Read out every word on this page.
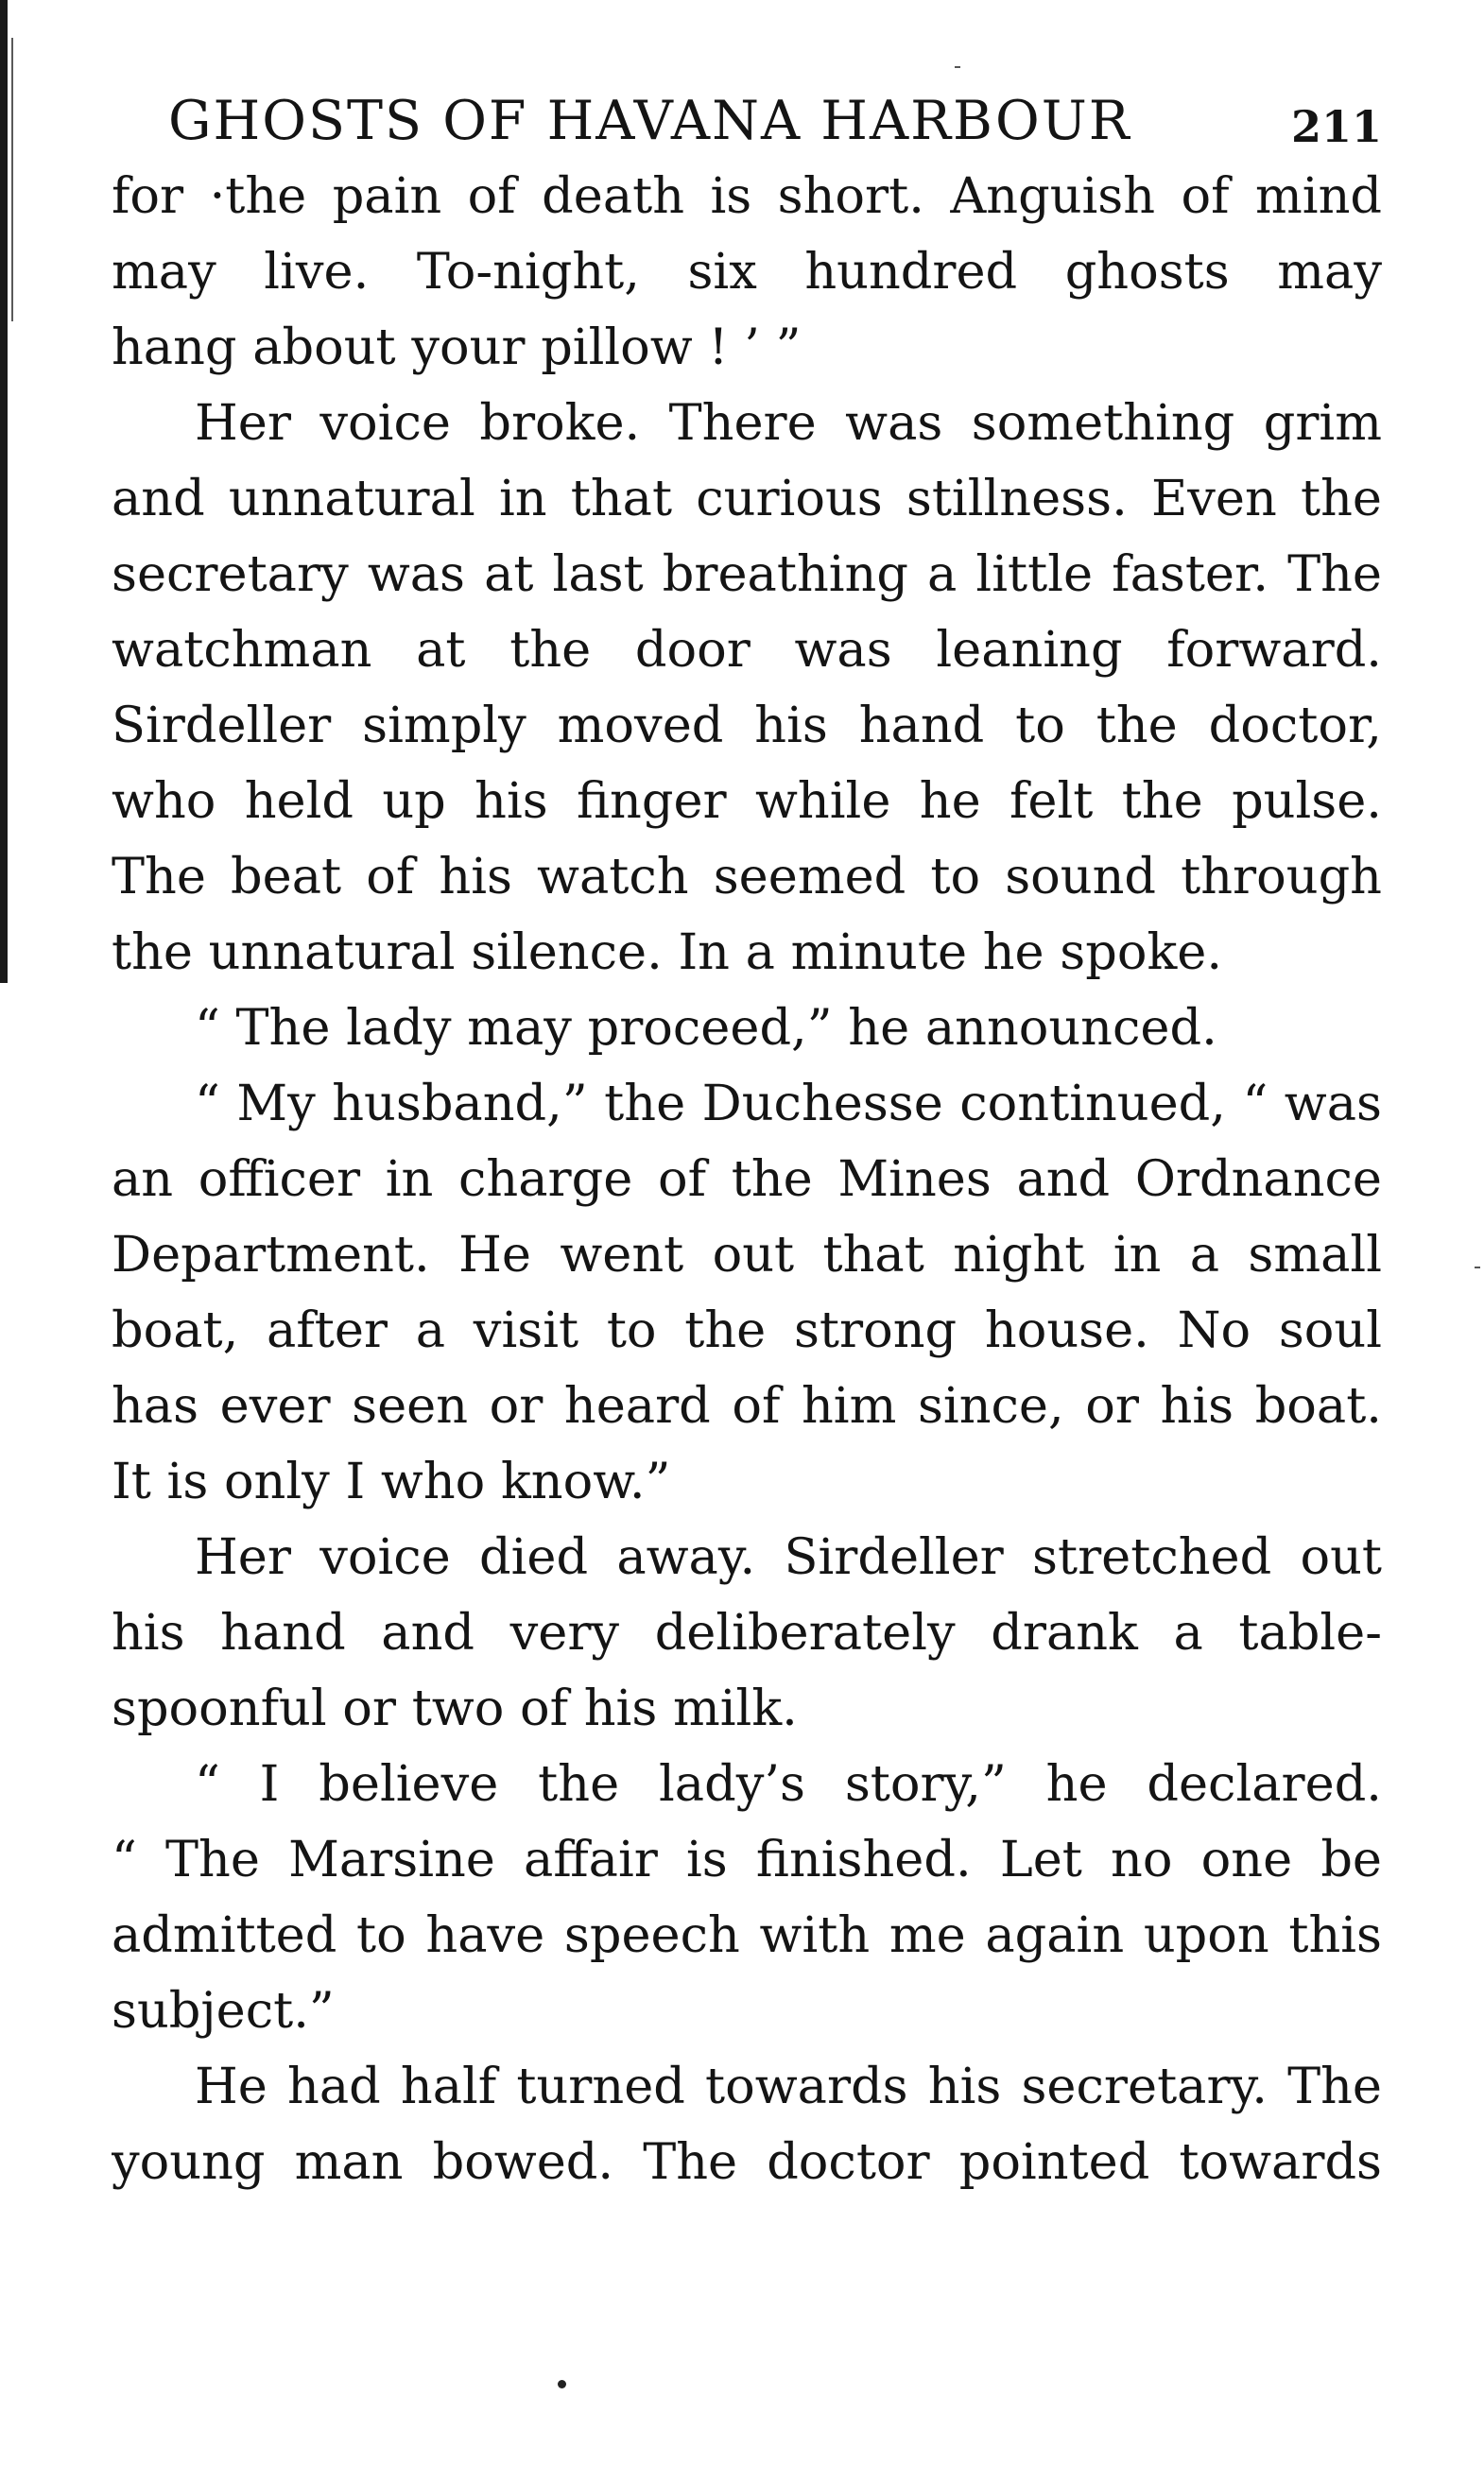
GHOSTS OF HAVANA HARBOUR	211

for ·the pain of death is short. Anguish of mind
may live. To-night, six hundred ghosts may
hang about your pillow ! ’ ”

Her voice broke. There was something grim
and unnatural in that curious stillness. Even the
secretary was at last breathing a little faster. The
watchman at the door was leaning forward.
Sirdeller simply moved his hand to the doctor,
who held up his finger while he felt the pulse.
The beat of his watch seemed to sound through
the unnatural silence. In a minute he spoke.

“ The lady may proceed,” he announced.

“ My husband,” the Duchesse continued, “ was
an officer in charge of the Mines and Ordnance
Department. He went out that night in a small
boat, after a visit to the strong house. No soul
has ever seen or heard of him since, or his boat.
It is only I who know.”

Her voice died away. Sirdeller stretched out
his hand and very deliberately drank a table-
spoonful or two of his milk.

“ I believe the lady’s story,” he declared.
“ The Marsine affair is finished. Let no one be
admitted to have speech with me again upon this
subject.”

He had half turned towards his secretary. The
young man bowed. The doctor pointed towards
